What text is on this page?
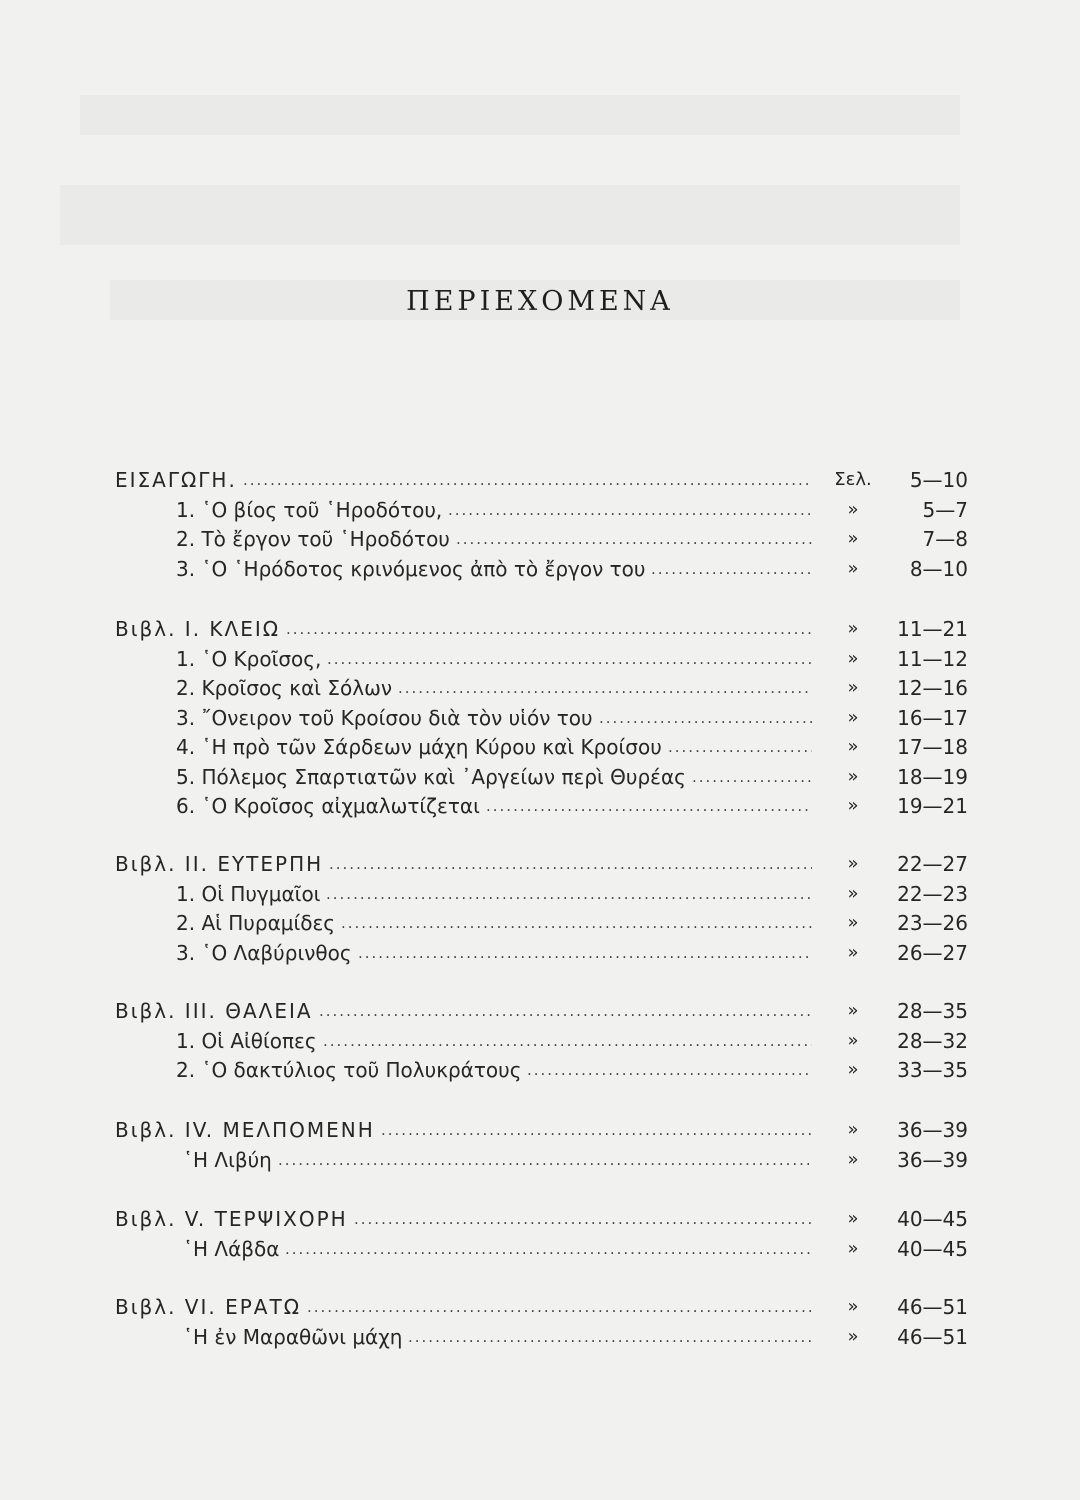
ΠΕΡΙΕΧΟΜΕΝΑ
ΕΙΣΑΓΩΓΗ. .....	Σελ.	5—10
1. ῾Ο βίος τοῦ ῾Ηροδότου, .....	»	5—7
2. Τὸ ἔργον τοῦ ῾Ηροδότου .....	»	7—8
3. ῾Ο ῾Ηρόδοτος κρινόμενος ἀπὸ τὸ ἔργον του .....	»	8—10
Βιβλ. Ι. ΚΛΕΙΩ .....	»	11—21
1. ῾Ο Κροῖσος, .....	»	11—12
2. Κροῖσος καὶ Σόλων .....	»	12—16
3. ῎Ονειρον τοῦ Κροίσου διὰ τὸν υἱόν του .....	»	16—17
4. ῾Η πρὸ τῶν Σάρδεων μάχη Κύρου καὶ Κροίσου .....	»	17—18
5. Πόλεμος Σπαρτιατῶν καὶ ᾿Αργείων περὶ Θυρέας .....	»	18—19
6. ῾Ο Κροῖσος αἰχμαλωτίζεται .....	»	19—21
Βιβλ. ΙΙ. ΕΥΤΕΡΠΗ .....	»	22—27
1. Οἱ Πυγμαῖοι .....	»	22—23
2. Αἱ Πυραμίδες .....	»	23—26
3. ῾Ο Λαβύρινθος .....	»	26—27
Βιβλ. ΙΙΙ. ΘΑΛΕΙΑ .....	»	28—35
1. Οἱ Αἰθίοπες .....	»	28—32
2. ῾Ο δακτύλιος τοῦ Πολυκράτους .....	»	33—35
Βιβλ. ΙV. ΜΕΛΠΟΜΕΝΗ .....	»	36—39
῾Η Λιβύη .....	»	36—39
Βιβλ. V. ΤΕΡΨΙΧΟΡΗ .....	»	40—45
῾Η Λάβδα .....	»	40—45
Βιβλ. VΙ. ΕΡΑΤΩ .....	»	46—51
῾Η ἐν Μαραθῶνι μάχη .....	»	46—51
